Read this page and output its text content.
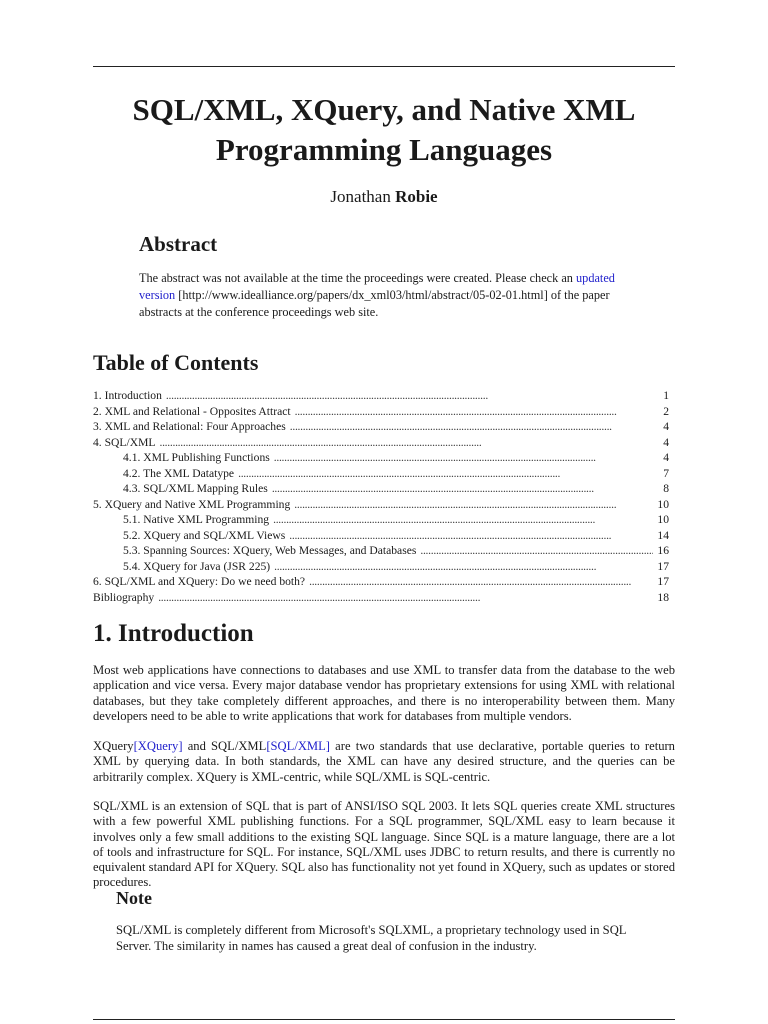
SQL/XML, XQuery, and Native XML
Programming Languages
Jonathan Robie
Abstract

The abstract was not available at the time the proceedings were created. Please check an updated version [http://www.idealliance.org/papers/dx_xml03/html/abstract/05-02-01.html] of the paper abstracts at the conference proceedings web site.

Table of Contents
1. Introduction . . .	1
2. XML and Relational - Opposites Attract . . .	2
3. XML and Relational: Four Approaches . . .	4
4. SQL/XML . . .	4
4.1. XML Publishing Functions . . .	4
4.2. The XML Datatype . . .	7
4.3. SQL/XML Mapping Rules . . .	8
5. XQuery and Native XML Programming . . .	10
5.1. Native XML Programming . . .	10
5.2. XQuery and SQL/XML Views . . .	14
5.3. Spanning Sources: XQuery, Web Messages, and Databases . . .	16
5.4. XQuery for Java (JSR 225) . . .	17
6. SQL/XML and XQuery: Do we need both? . . .	17
Bibliography . . .	18
1. Introduction

Most web applications have connections to databases and use XML to transfer data from the database to the web application and vice versa. Every major database vendor has proprietary extensions for using XML with relational databases, but they take completely different approaches, and there is no interoperability between them. Many developers need to be able to write applications that work for databases from multiple vendors.

XQuery[XQuery] and SQL/XML[SQL/XML] are two standards that use declarative, portable queries to return XML by querying data. In both standards, the XML can have any desired structure, and the queries can be arbitrarily complex. XQuery is XML-centric, while SQL/XML is SQL-centric.

SQL/XML is an extension of SQL that is part of ANSI/ISO SQL 2003. It lets SQL queries create XML structures with a few powerful XML publishing functions. For a SQL programmer, SQL/XML easy to learn because it involves only a few small additions to the existing SQL language. Since SQL is a mature language, there are a lot of tools and infrastructure for SQL. For instance, SQL/XML uses JDBC to return results, and there is currently no equivalent standard API for XQuery. SQL also has functionality not yet found in XQuery, such as updates or stored procedures.

Note

SQL/XML is completely different from Microsoft's SQLXML, a proprietary technology used in SQL Server. The similarity in names has caused a great deal of confusion in the industry.
